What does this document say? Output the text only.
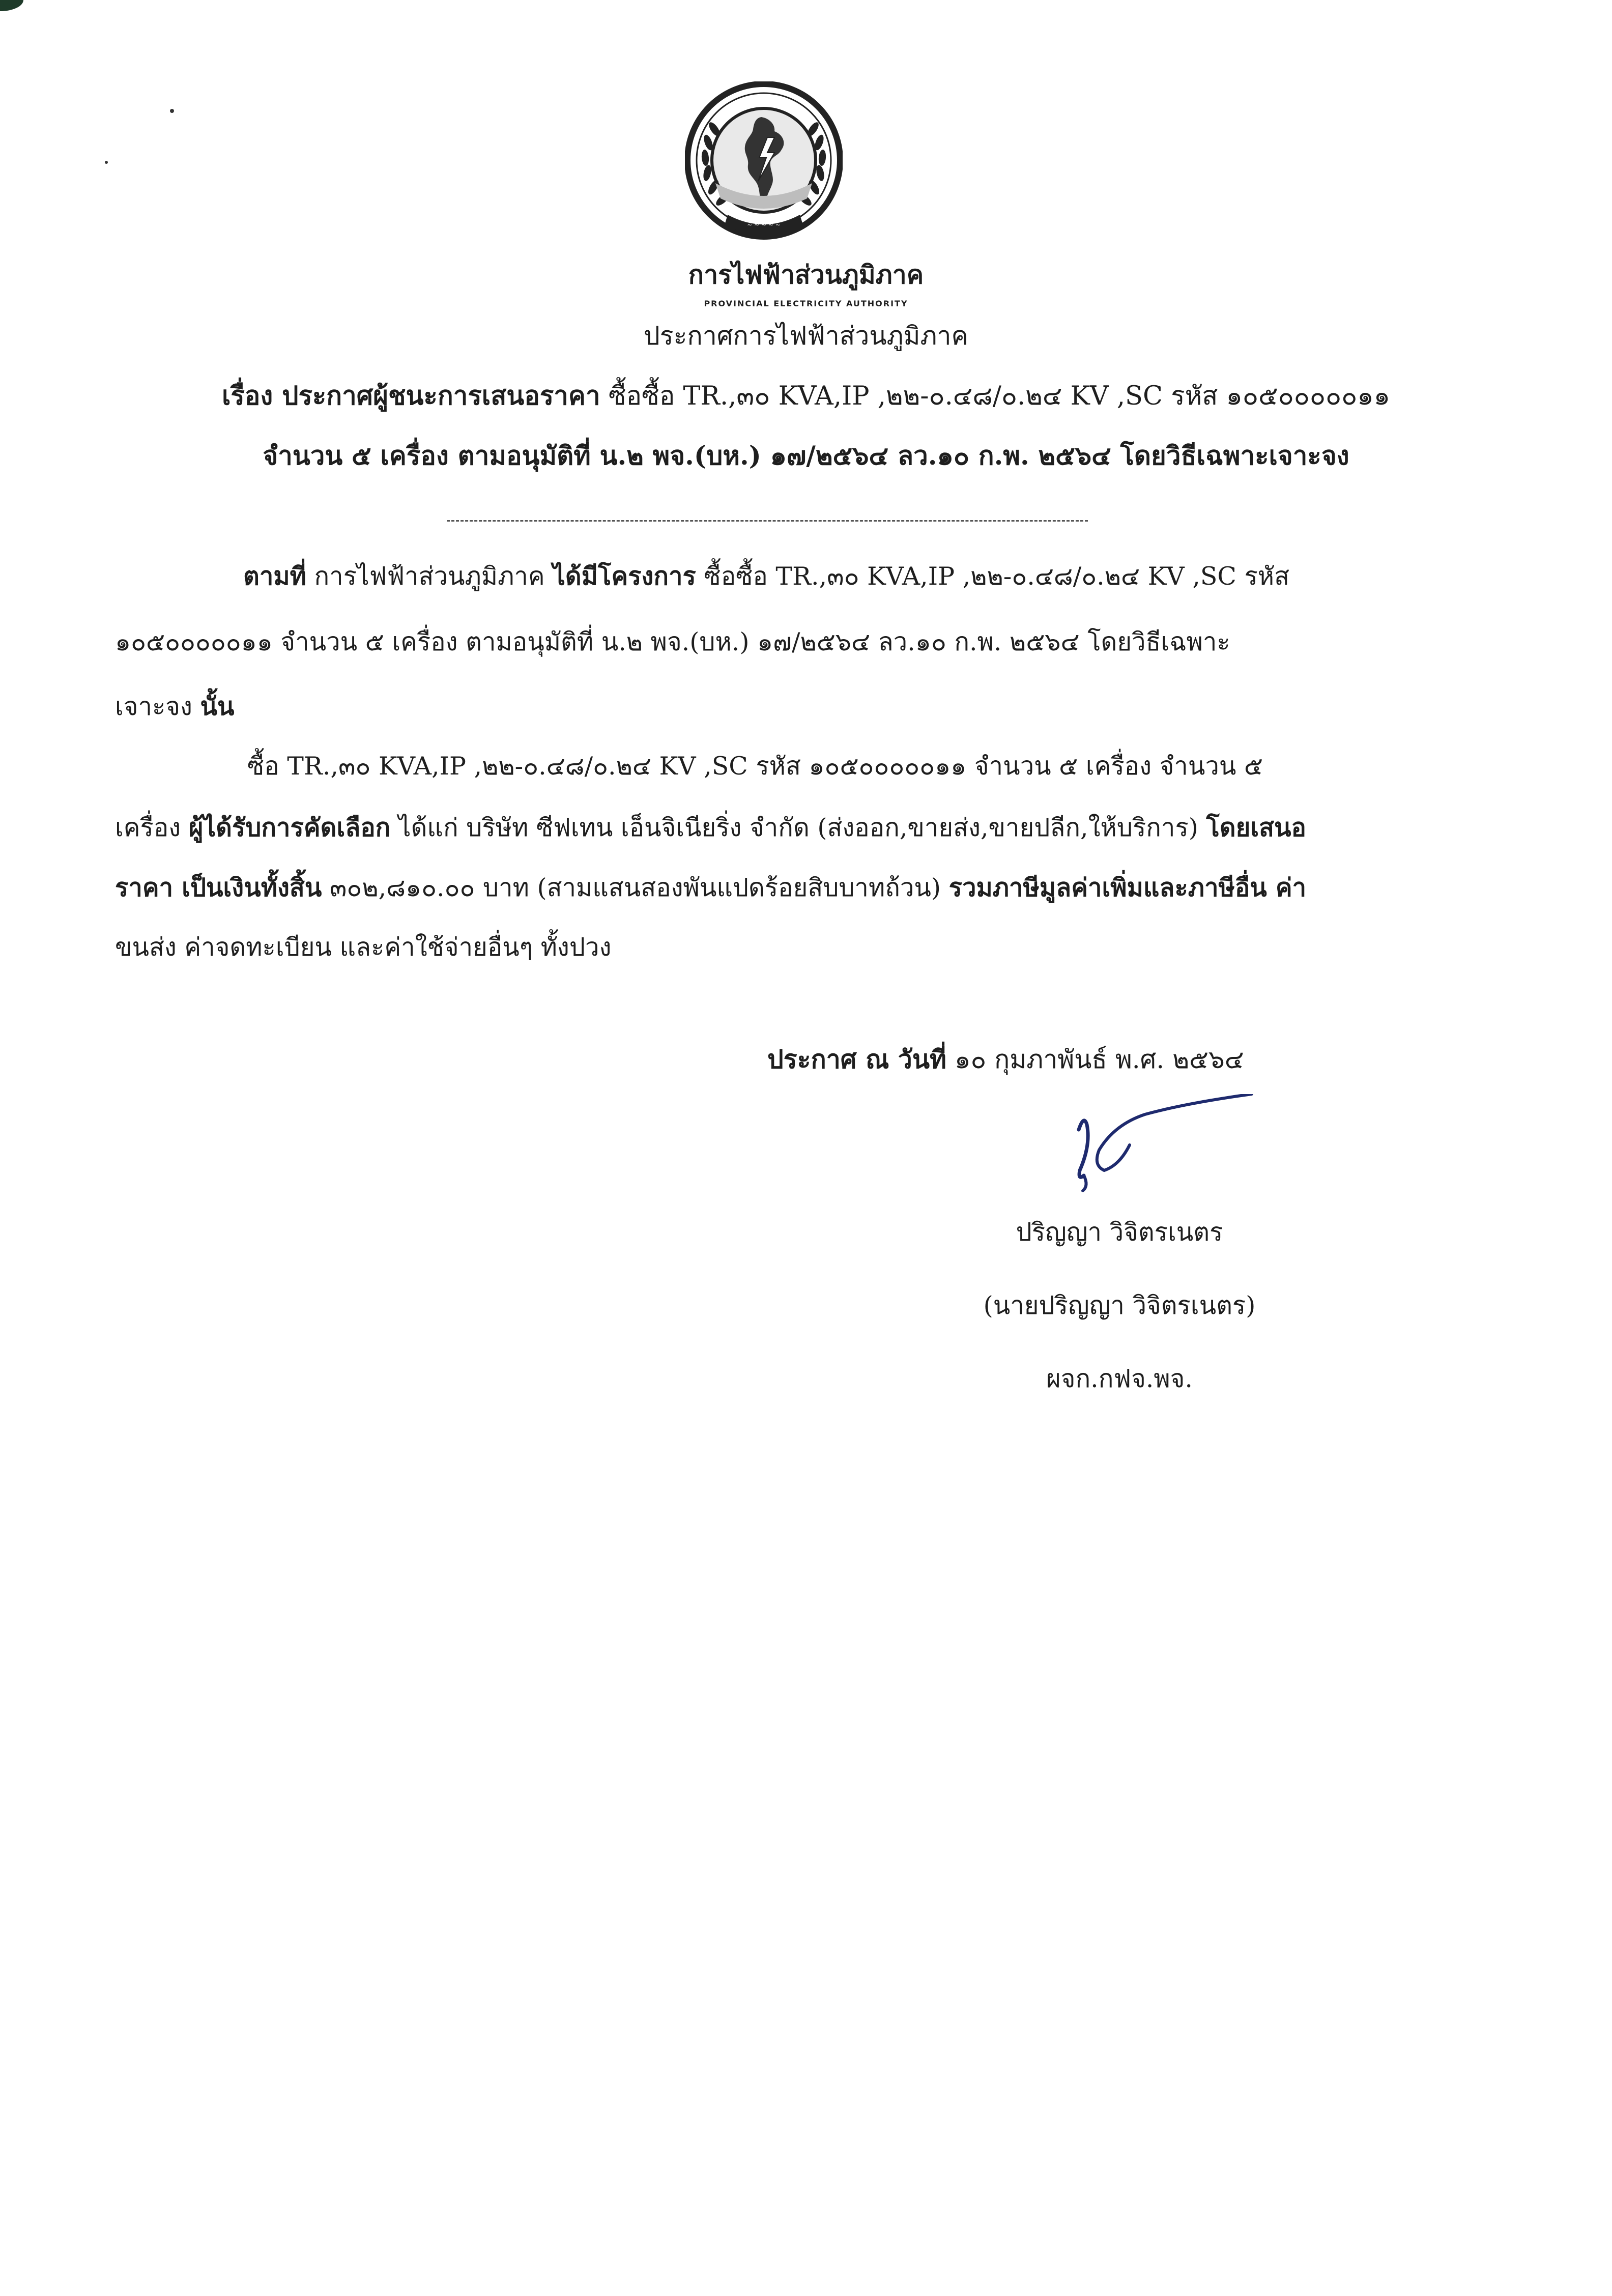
~ ~ ~ ~ ~
การไฟฟ้าส่วนภูมิภาค
PROVINCIAL ELECTRICITY AUTHORITY
ประกาศการไฟฟ้าส่วนภูมิภาค
เรื่อง ประกาศผู้ชนะการเสนอราคา ซื้อซื้อ TR.,๓๐ KVA,IP ,๒๒-๐.๔๘/๐.๒๔ KV ,SC รหัส ๑๐๕๐๐๐๐๐๑๑
จำนวน ๕ เครื่อง ตามอนุมัติที่ น.๒ พจ.(บห.) ๑๗/๒๕๖๔ ลว.๑๐ ก.พ. ๒๕๖๔ โดยวิธีเฉพาะเจาะจง
ตามที่ การไฟฟ้าส่วนภูมิภาค ได้มีโครงการ ซื้อซื้อ TR.,๓๐ KVA,IP ,๒๒-๐.๔๘/๐.๒๔ KV ,SC รหัส
๑๐๕๐๐๐๐๐๑๑ จำนวน ๕ เครื่อง ตามอนุมัติที่ น.๒ พจ.(บห.) ๑๗/๒๕๖๔ ลว.๑๐ ก.พ. ๒๕๖๔ โดยวิธีเฉพาะ
เจาะจง นั้น
ซื้อ TR.,๓๐ KVA,IP ,๒๒-๐.๔๘/๐.๒๔ KV ,SC รหัส ๑๐๕๐๐๐๐๐๑๑ จำนวน ๕ เครื่อง จำนวน ๕
เครื่อง ผู้ได้รับการคัดเลือก ได้แก่ บริษัท ซีฟเทน เอ็นจิเนียริ่ง จำกัด (ส่งออก,ขายส่ง,ขายปลีก,ให้บริการ) โดยเสนอ
ราคา เป็นเงินทั้งสิ้น ๓๐๒,๘๑๐.๐๐ บาท (สามแสนสองพันแปดร้อยสิบบาทถ้วน) รวมภาษีมูลค่าเพิ่มและภาษีอื่น ค่า
ขนส่ง ค่าจดทะเบียน และค่าใช้จ่ายอื่นๆ ทั้งปวง
ประกาศ ณ วันที่ ๑๐ กุมภาพันธ์ พ.ศ. ๒๕๖๔
ปริญญา วิจิตรเนตร
(นายปริญญา วิจิตรเนตร)
ผจก.กฟจ.พจ.
